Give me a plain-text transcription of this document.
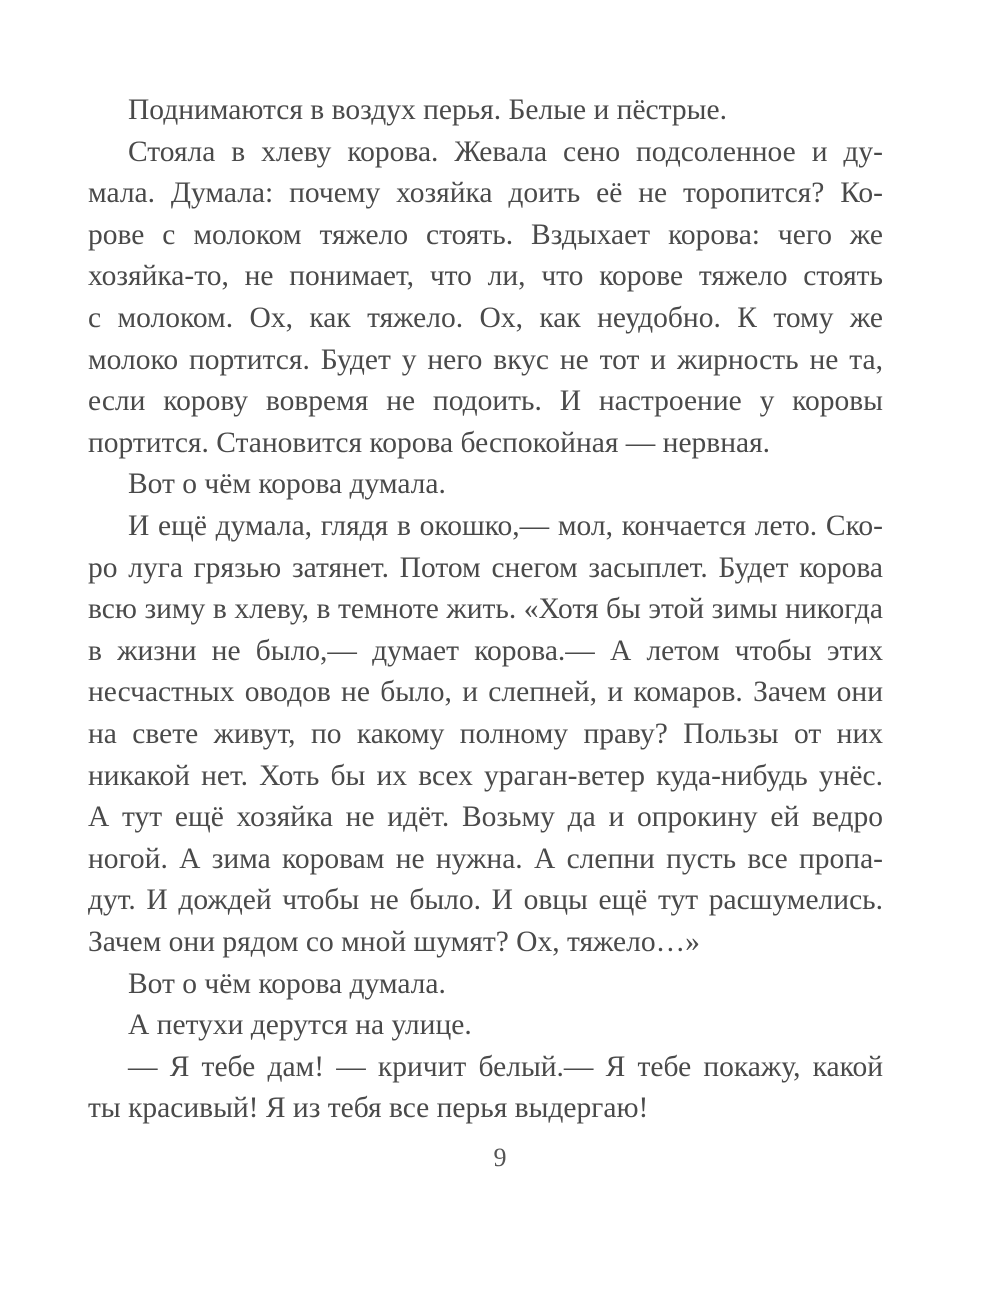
Поднимаются в воздух перья. Белые и пёстрые.
Стояла в хлеву корова. Жевала сено подсоленное и ду-
мала. Думала: почему хозяйка доить её не торопится? Ко-
рове с молоком тяжело стоять. Вздыхает корова: чего же
хозяйка-то, не понимает, что ли, что корове тяжело стоять
с молоком. Ох, как тяжело. Ох, как неудобно. К тому же
молоко портится. Будет у него вкус не тот и жирность не та,
если корову вовремя не подоить. И настроение у коровы
портится. Становится корова беспокойная — нервная.
Вот о чём корова думала.
И ещё думала, глядя в окошко,— мол, кончается лето. Ско-
ро луга грязью затянет. Потом снегом засыплет. Будет корова
всю зиму в хлеву, в темноте жить. «Хотя бы этой зимы никогда
в жизни не было,— думает корова.— А летом чтобы этих
несчастных оводов не было, и слепней, и комаров. Зачем они
на свете живут, по какому полному праву? Пользы от них
никакой нет. Хоть бы их всех ураган-ветер куда-нибудь унёс.
А тут ещё хозяйка не идёт. Возьму да и опрокину ей ведро
ногой. А зима коровам не нужна. А слепни пусть все пропа-
дут. И дождей чтобы не было. И овцы ещё тут расшумелись.
Зачем они рядом со мной шумят? Ох, тяжело…»
Вот о чём корова думала.
А петухи дерутся на улице.
— Я тебе дам! — кричит белый.— Я тебе покажу, какой
ты красивый! Я из тебя все перья выдергаю!
9
